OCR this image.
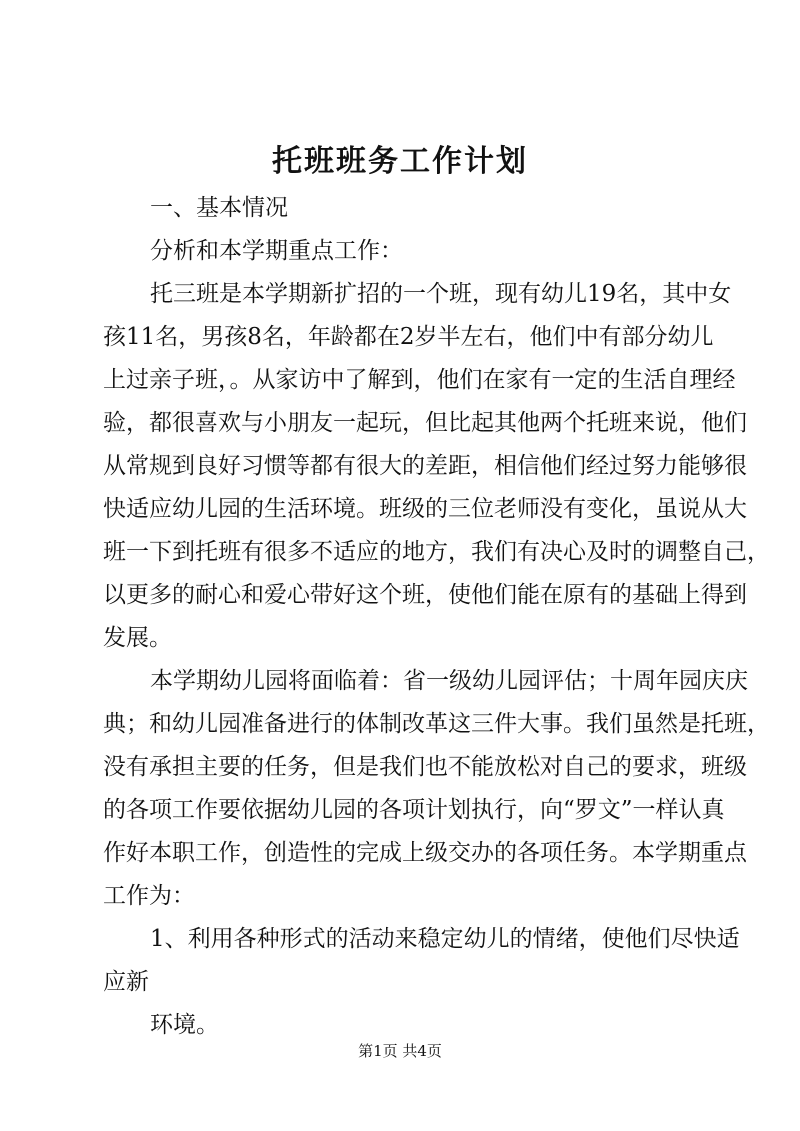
托班班务工作计划
一、基本情况
分析和本学期重点工作：
托三班是本学期新扩招的一个班，现有幼儿19名，其中女
孩11名，男孩8名，年龄都在2岁半左右，他们中有部分幼儿
上过亲子班，。从家访中了解到，他们在家有一定的生活自理经
验，都很喜欢与小朋友一起玩，但比起其他两个托班来说，他们
从常规到良好习惯等都有很大的差距，相信他们经过努力能够很
快适应幼儿园的生活环境。班级的三位老师没有变化，虽说从大
班一下到托班有很多不适应的地方，我们有决心及时的调整自己，
以更多的耐心和爱心带好这个班，使他们能在原有的基础上得到
发展。
本学期幼儿园将面临着：省一级幼儿园评估；十周年园庆庆
典；和幼儿园准备进行的体制改革这三件大事。我们虽然是托班，
没有承担主要的任务，但是我们也不能放松对自己的要求，班级
的各项工作要依据幼儿园的各项计划执行，向“罗文”一样认真
作好本职工作，创造性的完成上级交办的各项任务。本学期重点
工作为：
1、利用各种形式的活动来稳定幼儿的情绪，使他们尽快适
应新
环境。
第1页 共4页
